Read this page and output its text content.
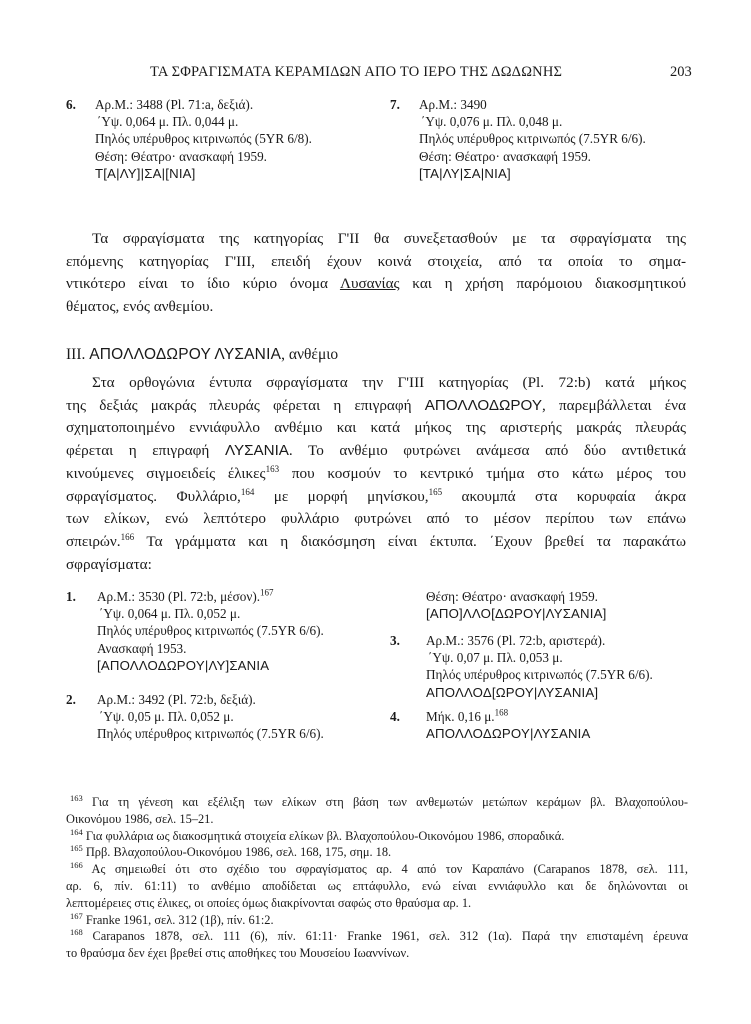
ΤΑ ΣΦΡΑΓΙΣΜΑΤΑ ΚΕΡΑΜΙΔΩΝ ΑΠΟ ΤΟ ΙΕΡΟ ΤΗΣ ΔΩΔΩΝΗΣ	203
6. Αρ.Μ.: 3488 (Pl. 71:a, δεξιά).
΄Υψ. 0,064 μ. Πλ. 0,044 μ.
Πηλός υπέρυθρος κιτρινωπός (5YR 6/8).
Θέση: Θέατρο· ανασκαφή 1959.
Τ[Α|ΛΥ]|ΣΑ|[ΝΙΑ]
7. Αρ.Μ.: 3490
΄Υψ. 0,076 μ. Πλ. 0,048 μ.
Πηλός υπέρυθρος κιτρινωπός (7.5YR 6/6).
Θέση: Θέατρο· ανασκαφή 1959.
[ΤΑ|ΛΥ|ΣΑ|ΝΙΑ]
Τα σφραγίσματα της κατηγορίας Γ'ΙΙ θα συνεξετασθούν με τα σφραγίσματα της
επόμενης κατηγορίας Γ'ΙΙΙ, επειδή έχουν κοινά στοιχεία, από τα οποία το σημα-
ντικότερο είναι το ίδιο κύριο όνομα Λυσανίας και η χρήση παρόμοιου διακοσμητικού
θέματος, ενός ανθεμίου.
ΙΙΙ. ΑΠΟΛΛΟΔΩΡΟΥ ΛΥΣΑΝΙΑ, ανθέμιο
Στα ορθογώνια έντυπα σφραγίσματα την Γ'ΙΙΙ κατηγορίας (Pl. 72:b) κατά μήκος
της δεξιάς μακράς πλευράς φέρεται η επιγραφή ΑΠΟΛΛΟΔΩΡΟΥ, παρεμβάλλεται ένα
σχηματοποιημένο εννιάφυλλο ανθέμιο και κατά μήκος της αριστερής μακράς πλευράς
φέρεται η επιγραφή ΛΥΣΑΝΙΑ. Το ανθέμιο φυτρώνει ανάμεσα από δύο αντιθετικά
κινούμενες σιγμοειδείς έλικες$^{163}$ που κοσμούν το κεντρικό τμήμα στο κάτω μέρος του
σφραγίσματος. Φυλλάριο,$^{164}$ με μορφή μηνίσκου,$^{165}$ ακουμπά στα κορυφαία άκρα
των ελίκων, ενώ λεπτότερο φυλλάριο φυτρώνει από το μέσον περίπου των επάνω
σπειρών.$^{166}$ Τα γράμματα και η διακόσμηση είναι έκτυπα. ΄Εχουν βρεθεί τα παρακάτω
σφραγίσματα:
1. Αρ.Μ.: 3530 (Pl. 72:b, μέσον).$^{167}$
΄Υψ. 0,064 μ. Πλ. 0,052 μ.
Πηλός υπέρυθρος κιτρινωπός (7.5YR 6/6).
Ανασκαφή 1953.
[ΑΠΟΛΛΟΔΩΡΟΥ|ΛΥ]ΣΑΝΙΑ
2. Αρ.Μ.: 3492 (Pl. 72:b, δεξιά).
΄Υψ. 0,05 μ. Πλ. 0,052 μ.
Πηλός υπέρυθρος κιτρινωπός (7.5YR 6/6).
Θέση: Θέατρο· ανασκαφή 1959.
[ΑΠΟ]ΛΛΟ[ΔΩΡΟΥ|ΛΥΣΑΝΙΑ]
3. Αρ.Μ.: 3576 (Pl. 72:b, αριστερά).
΄Υψ. 0,07 μ. Πλ. 0,053 μ.
Πηλός υπέρυθρος κιτρινωπός (7.5YR 6/6).
ΑΠΟΛΛΟΔ[ΩΡΟΥ|ΛΥΣΑΝΙΑ]
4. Μήκ. 0,16 μ.$^{168}$
ΑΠΟΛΛΟΔΩΡΟΥ|ΛΥΣΑΝΙΑ
$^{163}$ Για τη γένεση και εξέλιξη των ελίκων στη βάση των ανθεμωτών μετώπων κεράμων βλ. Βλαχοπούλου-
Οικονόμου 1986, σελ. 15–21.
$^{164}$ Για φυλλάρια ως διακοσμητικά στοιχεία ελίκων βλ. Βλαχοπούλου-Οικονόμου 1986, σποραδικά.
$^{165}$ Πρβ. Βλαχοπούλου-Οικονόμου 1986, σελ. 168, 175, σημ. 18.
$^{166}$ Ας σημειωθεί ότι στο σχέδιο του σφραγίσματος αρ. 4 από τον Καραπάνο (Carapanos 1878, σελ. 111,
αρ. 6, πίν. 61:11) το ανθέμιο αποδίδεται ως επτάφυλλο, ενώ είναι εννιάφυλλο και δε δηλώνονται οι
λεπτομέρειες στις έλικες, οι οποίες όμως διακρίνονται σαφώς στο θραύσμα αρ. 1.
$^{167}$ Franke 1961, σελ. 312 (1β), πίν. 61:2.
$^{168}$ Carapanos 1878, σελ. 111 (6), πίν. 61:11· Franke 1961, σελ. 312 (1α). Παρά την επισταμένη έρευνα
το θραύσμα δεν έχει βρεθεί στις αποθήκες του Μουσείου Ιωαννίνων.
